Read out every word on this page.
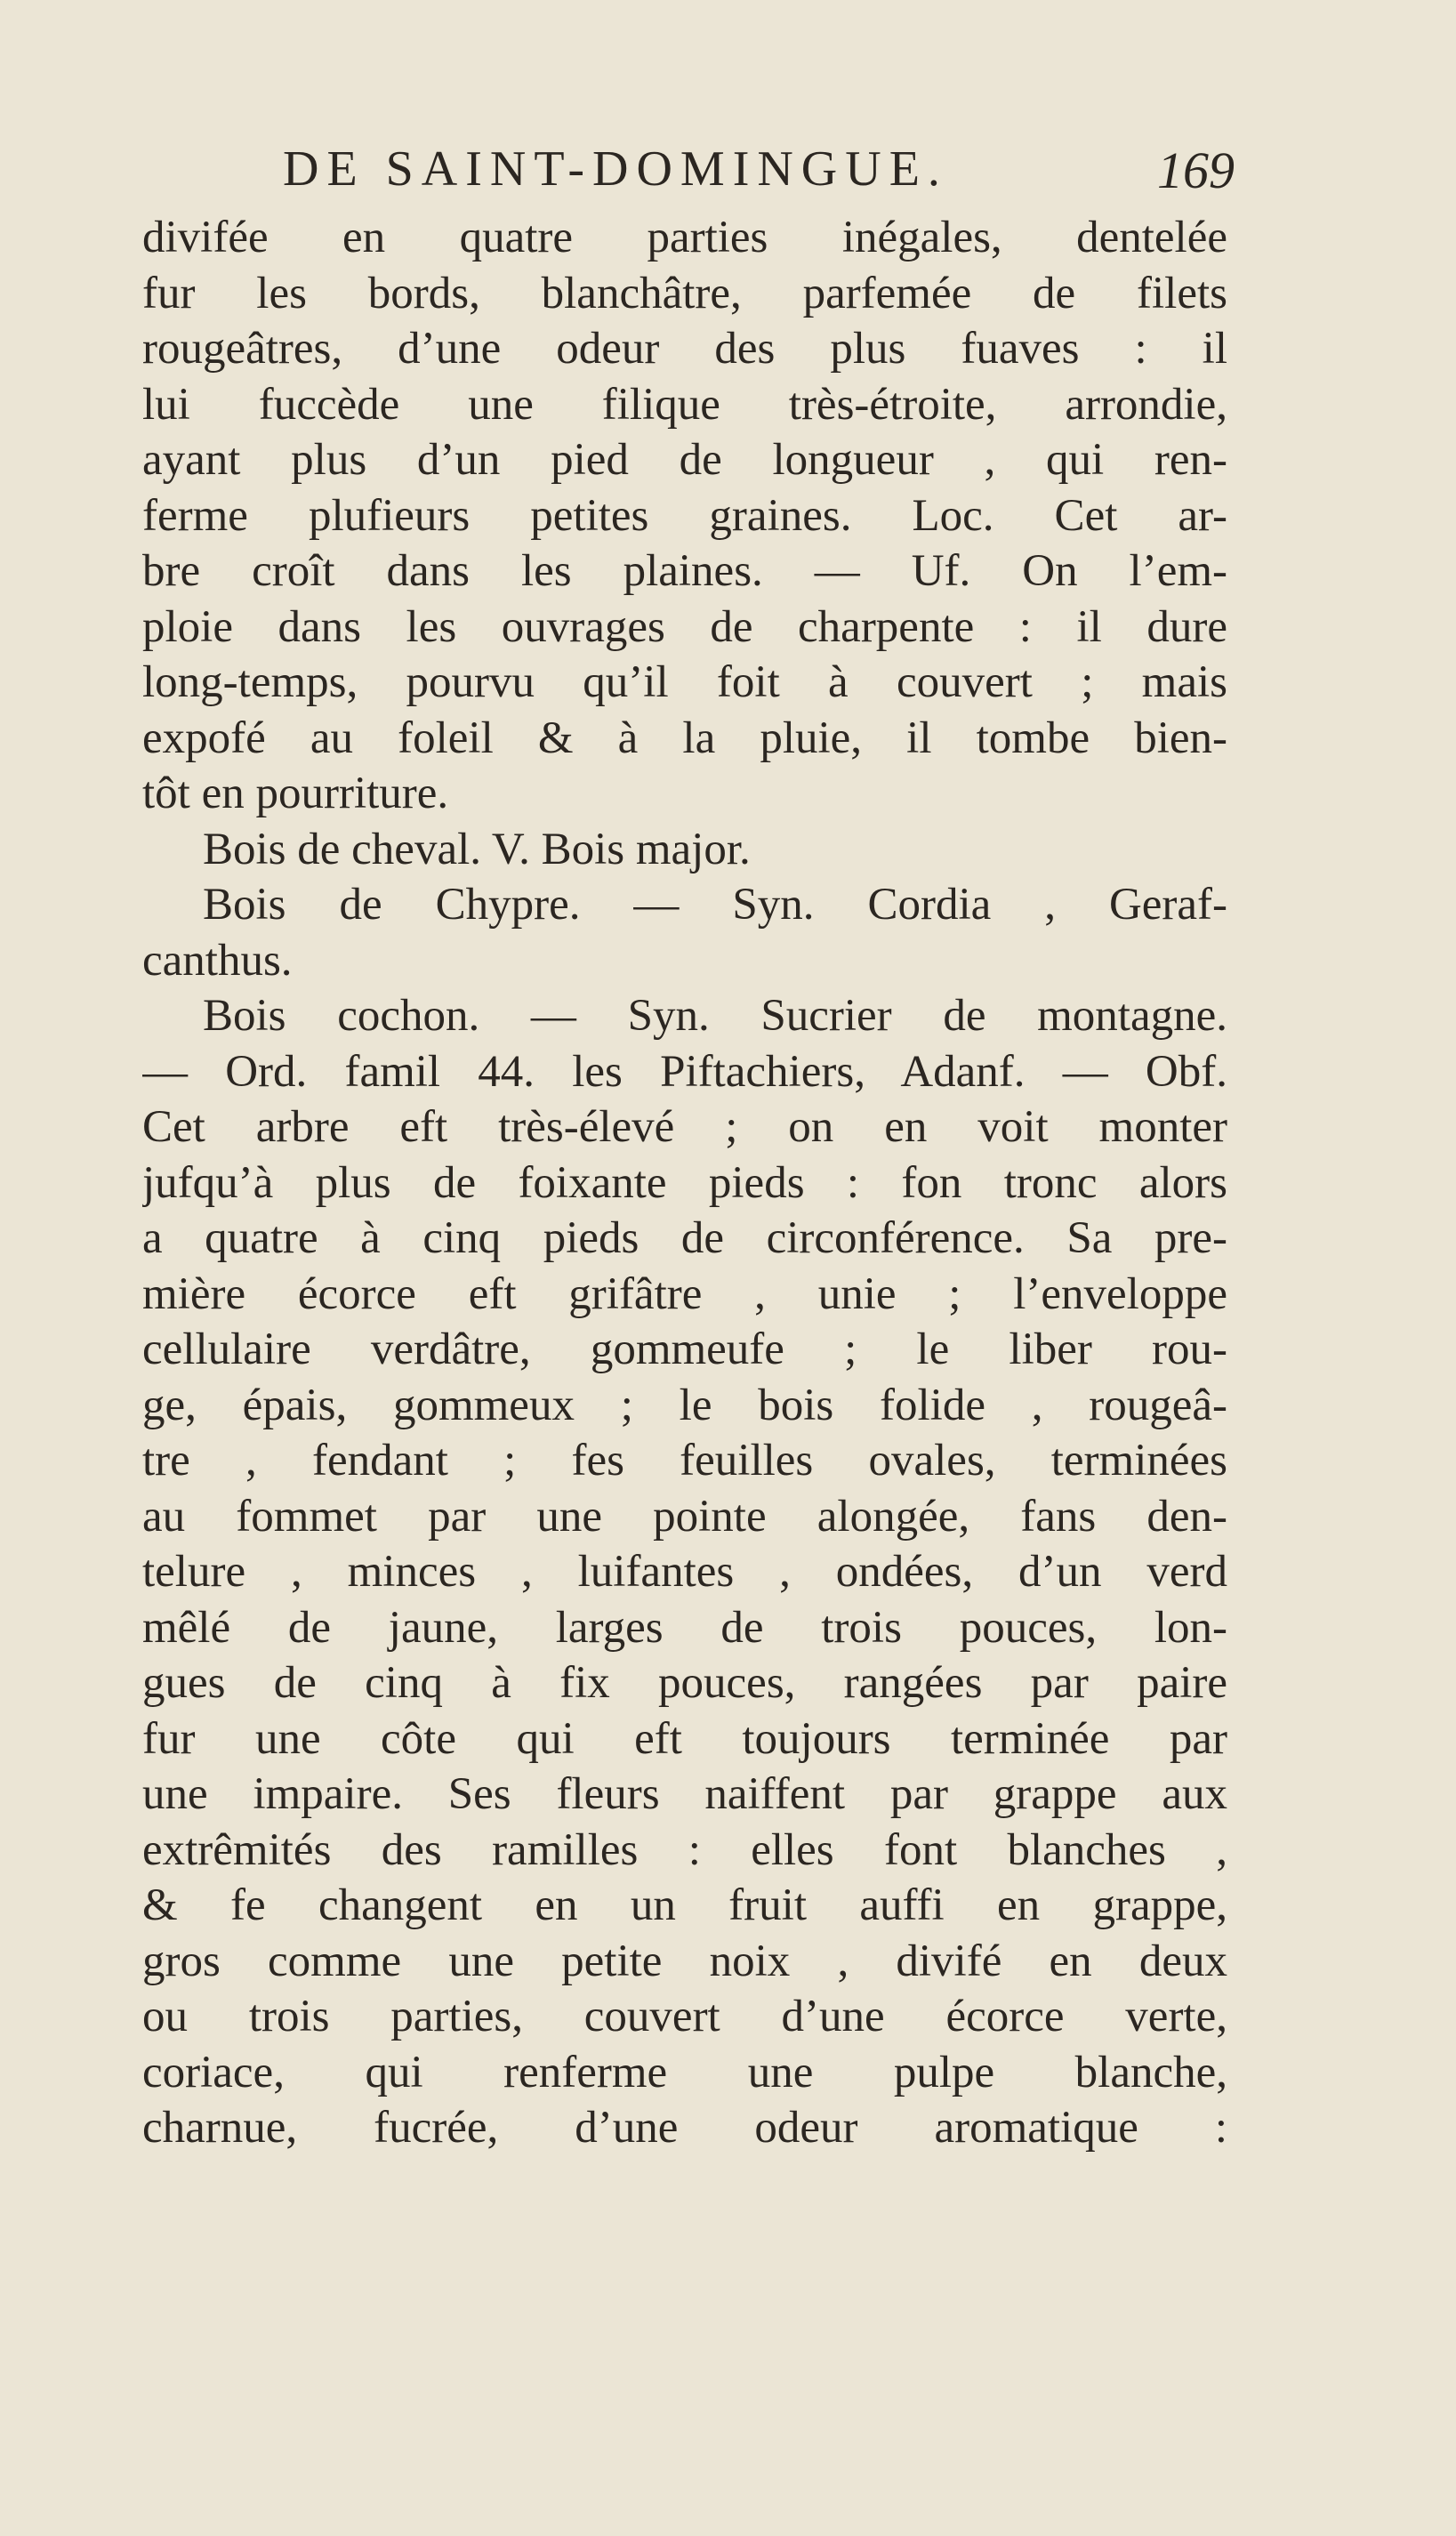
DE SAINT-DOMINGUE.	169
divifée en quatre parties inégales, dentelée
fur les bords, blanchâtre, parfemée de filets
rougeâtres, d’une odeur des plus fuaves : il
lui fuccède une filique très-étroite, arrondie,
ayant plus d’un pied de longueur , qui ren-
ferme plufieurs petites graines. Loc. Cet ar-
bre croît dans les plaines. — Uf. On l’em-
ploie dans les ouvrages de charpente : il dure
long-temps, pourvu qu’il foit à couvert ; mais
expofé au foleil & à la pluie, il tombe bien-
tôt en pourriture.
Bois de cheval. V. Bois major.
Bois de Chypre. — Syn. Cordia , Geraf-
canthus.
Bois cochon. — Syn. Sucrier de montagne.
— Ord. famil 44. les Piftachiers, Adanf. — Obf.
Cet arbre eft très-élevé ; on en voit monter
jufqu’à plus de foixante pieds : fon tronc alors
a quatre à cinq pieds de circonférence. Sa pre-
mière écorce eft grifâtre , unie ; l’enveloppe
cellulaire verdâtre, gommeufe ; le liber rou-
ge, épais, gommeux ; le bois folide , rougeâ-
tre , fendant ; fes feuilles ovales, terminées
au fommet par une pointe alongée, fans den-
telure , minces , luifantes , ondées, d’un verd
mêlé de jaune, larges de trois pouces, lon-
gues de cinq à fix pouces, rangées par paire
fur une côte qui eft toujours terminée par
une impaire. Ses fleurs naiffent par grappe aux
extrêmités des ramilles : elles font blanches ,
& fe changent en un fruit auffi en grappe,
gros comme une petite noix , divifé en deux
ou trois parties, couvert d’une écorce verte,
coriace, qui renferme une pulpe blanche,
charnue, fucrée, d’une odeur aromatique :
